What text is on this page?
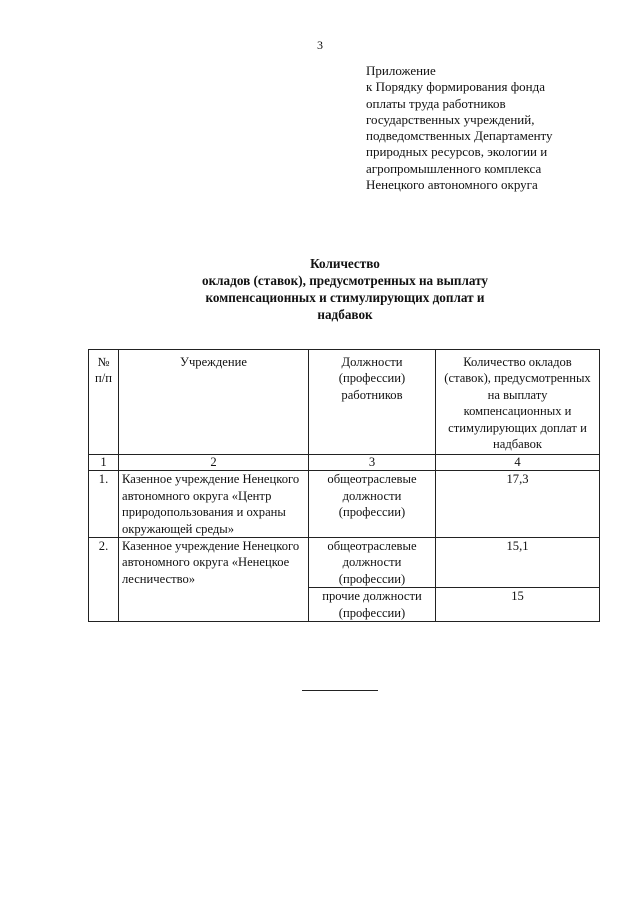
3
Приложение
к Порядку формирования фонда
оплаты труда работников
государственных учреждений,
подведомственных Департаменту
природных ресурсов, экологии и
агропромышленного комплекса
Ненецкого автономного округа
Количество
окладов (ставок), предусмотренных на выплату
компенсационных и стимулирующих доплат и
надбавок
№ п/п	Учреждение	Должности (профессии) работников	Количество окладов (ставок), предусмотренных на выплату компенсационных и стимулирующих доплат и надбавок
1	2	3	4
1.	Казенное учреждение Ненецкого автономного округа «Центр природопользования и охраны окружающей среды»	общеотраслевые должности (профессии)	17,3
2.	Казенное учреждение Ненецкого автономного округа «Ненецкое лесничество»	общеотраслевые должности (профессии)	15,1
		прочие должности (профессии)	15
